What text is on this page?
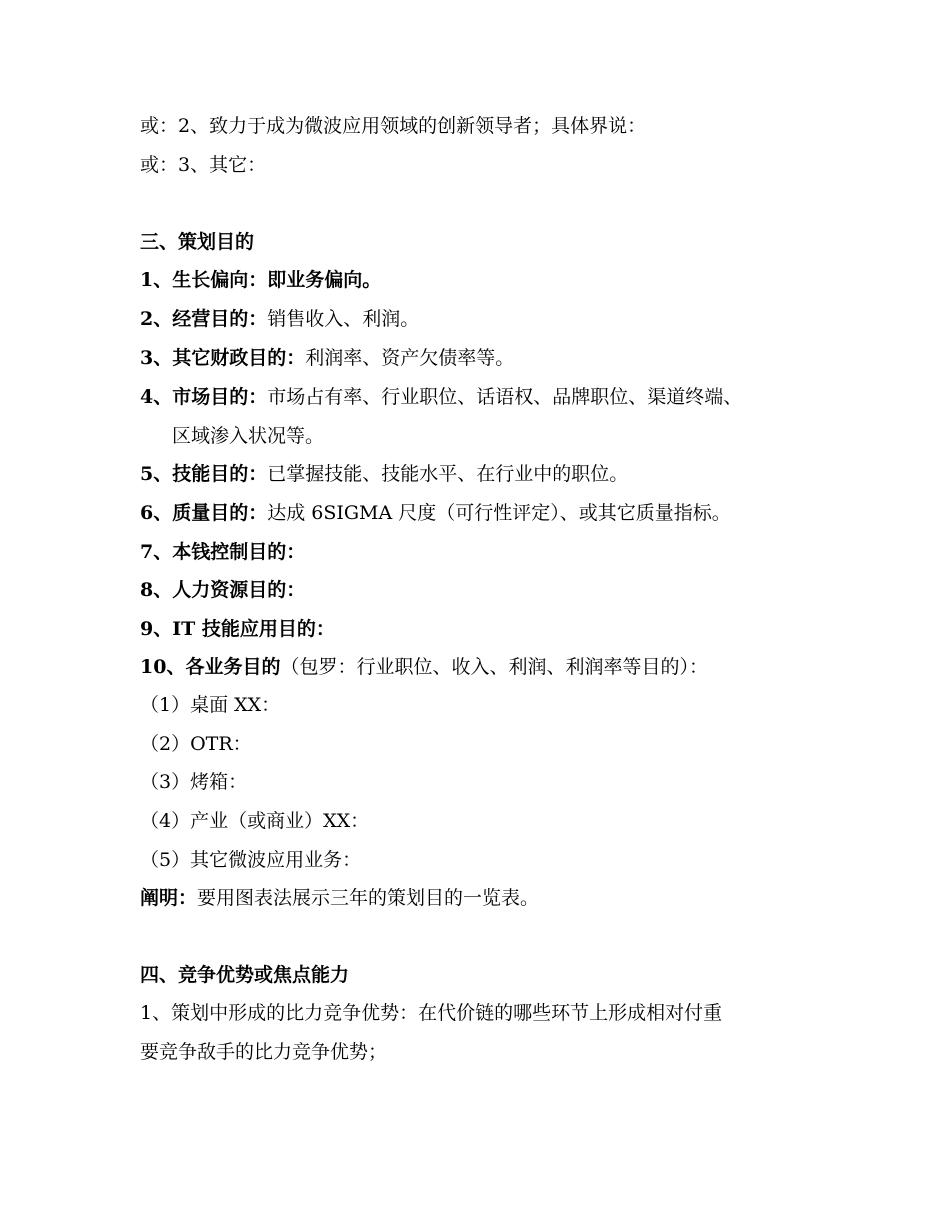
或：2、致力于成为微波应用领域的创新领导者；具体界说：
或：3、其它：
三、策划目的
1、生长偏向：即业务偏向。
2、经营目的：销售收入、利润。
3、其它财政目的：利润率、资产欠债率等。
4、市场目的：市场占有率、行业职位、话语权、品牌职位、渠道终端、
区域渗入状况等。
5、技能目的：已掌握技能、技能水平、在行业中的职位。
6、质量目的：达成 6SIGMA 尺度（可行性评定）、或其它质量指标。
7、本钱控制目的：
8、人力资源目的：
9、IT 技能应用目的：
10、各业务目的（包罗：行业职位、收入、利润、利润率等目的）：
（1）桌面 XX：
（2）OTR：
（3）烤箱：
（4）产业（或商业）XX：
（5）其它微波应用业务：
阐明：要用图表法展示三年的策划目的一览表。
四、竞争优势或焦点能力
1、策划中形成的比力竞争优势：在代价链的哪些环节上形成相对付重
要竞争敌手的比力竞争优势；
